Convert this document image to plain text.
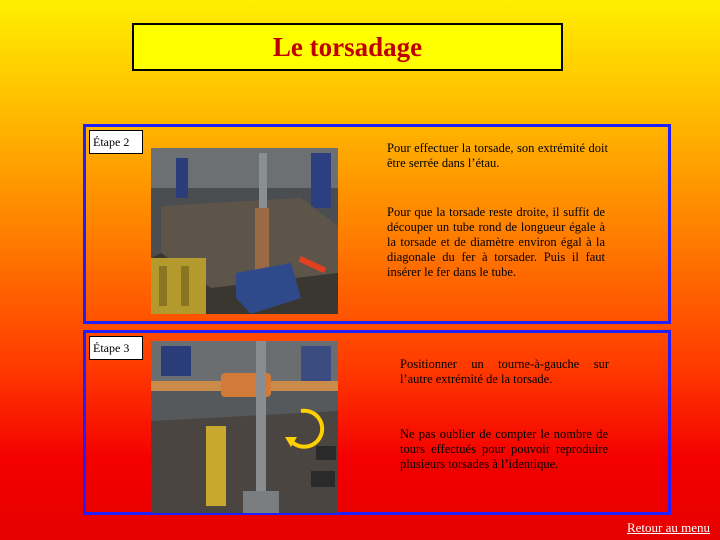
Le torsadage
Étape 2	Pour effectuer la torsade, son extrémité doit être serrée dans l’étau.
Pour que la torsade reste droite, il suffit de découper un tube rond de longueur égale à la torsade et de diamètre environ égal à la diagonale du fer à torsader. Puis il faut insérer le fer dans le tube.
Étape 3
Positionner un tourne-à-gauche sur l’autre extrémité de la torsade.
Ne pas oublier de compter le nombre de tours effectués pour pouvoir reproduire plusieurs torsades à l’identique.
Retour au menu
